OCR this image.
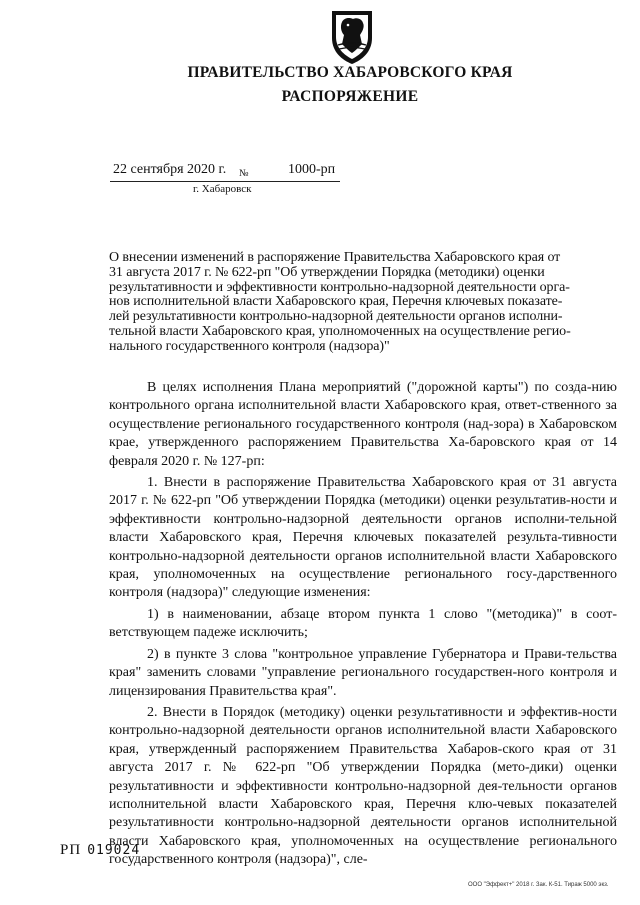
ПРАВИТЕЛЬСТВО ХАБАРОВСКОГО КРАЯ
РАСПОРЯЖЕНИЕ
22 сентября 2020 г. №	1000-рп
г. Хабаровск
О внесении изменений в распоряжение Правительства Хабаровского края от
31 августа 2017 г. № 622-рп "Об утверждении Порядка (методики) оценки
результативности и эффективности контрольно-надзорной деятельности орга-
нов исполнительной власти Хабаровского края, Перечня ключевых показате-
лей результативности контрольно-надзорной деятельности органов исполни-
тельной власти Хабаровского края, уполномоченных на осуществление регио-
нального государственного контроля (надзора)"

В целях исполнения Плана мероприятий ("дорожной карты") по созда-нию контрольного органа исполнительной власти Хабаровского края, ответ-ственного за осуществление регионального государственного контроля (над-зора) в Хабаровском крае, утвержденного распоряжением Правительства Ха-баровского края от 14 февраля 2020 г. № 127-рп:

1. Внести в распоряжение Правительства Хабаровского края от 31 августа 2017 г. № 622-рп "Об утверждении Порядка (методики) оценки результатив-ности и эффективности контрольно-надзорной деятельности органов исполни-тельной власти Хабаровского края, Перечня ключевых показателей результа-тивности контрольно-надзорной деятельности органов исполнительной власти Хабаровского края, уполномоченных на осуществление регионального госу-дарственного контроля (надзора)" следующие изменения:

1) в наименовании, абзаце втором пункта 1 слово "(методика)" в соот-ветствующем падеже исключить;

2) в пункте 3 слова "контрольное управление Губернатора и Прави-тельства края" заменить словами "управление регионального государствен-ного контроля и лицензирования Правительства края".

2. Внести в Порядок (методику) оценки результативности и эффектив-ности контрольно-надзорной деятельности органов исполнительной власти Хабаровского края, утвержденный распоряжением Правительства Хабаров-ского края от 31 августа 2017 г. № 622-рп "Об утверждении Порядка (мето-дики) оценки результативности и эффективности контрольно-надзорной дея-тельности органов исполнительной власти Хабаровского края, Перечня клю-чевых показателей результативности контрольно-надзорной деятельности органов исполнительной власти Хабаровского края, уполномоченных на осуществление регионального государственного контроля (надзора)", сле-

РП 019024
ООО "Эффект+" 2018 г. Зак. К-51. Тираж 5000 экз.
